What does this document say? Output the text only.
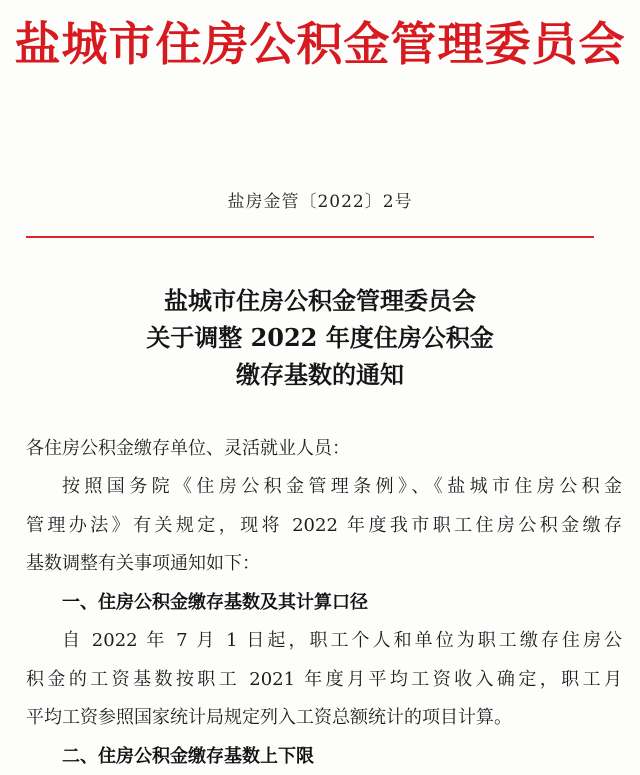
盐城市住房公积金管理委员会
盐房金管〔2022〕2号
盐城市住房公积金管理委员会
关于调整 2022 年度住房公积金
缴存基数的通知
各住房公积金缴存单位、灵活就业人员：
按照国务院《住房公积金管理条例》、《盐城市住房公积金
管理办法》有关规定，现将 2022 年度我市职工住房公积金缴存
基数调整有关事项通知如下：
一、住房公积金缴存基数及其计算口径
自 2022 年 7 月 1 日起，职工个人和单位为职工缴存住房公
积金的工资基数按职工 2021 年度月平均工资收入确定，职工月
平均工资参照国家统计局规定列入工资总额统计的项目计算。
二、住房公积金缴存基数上下限
